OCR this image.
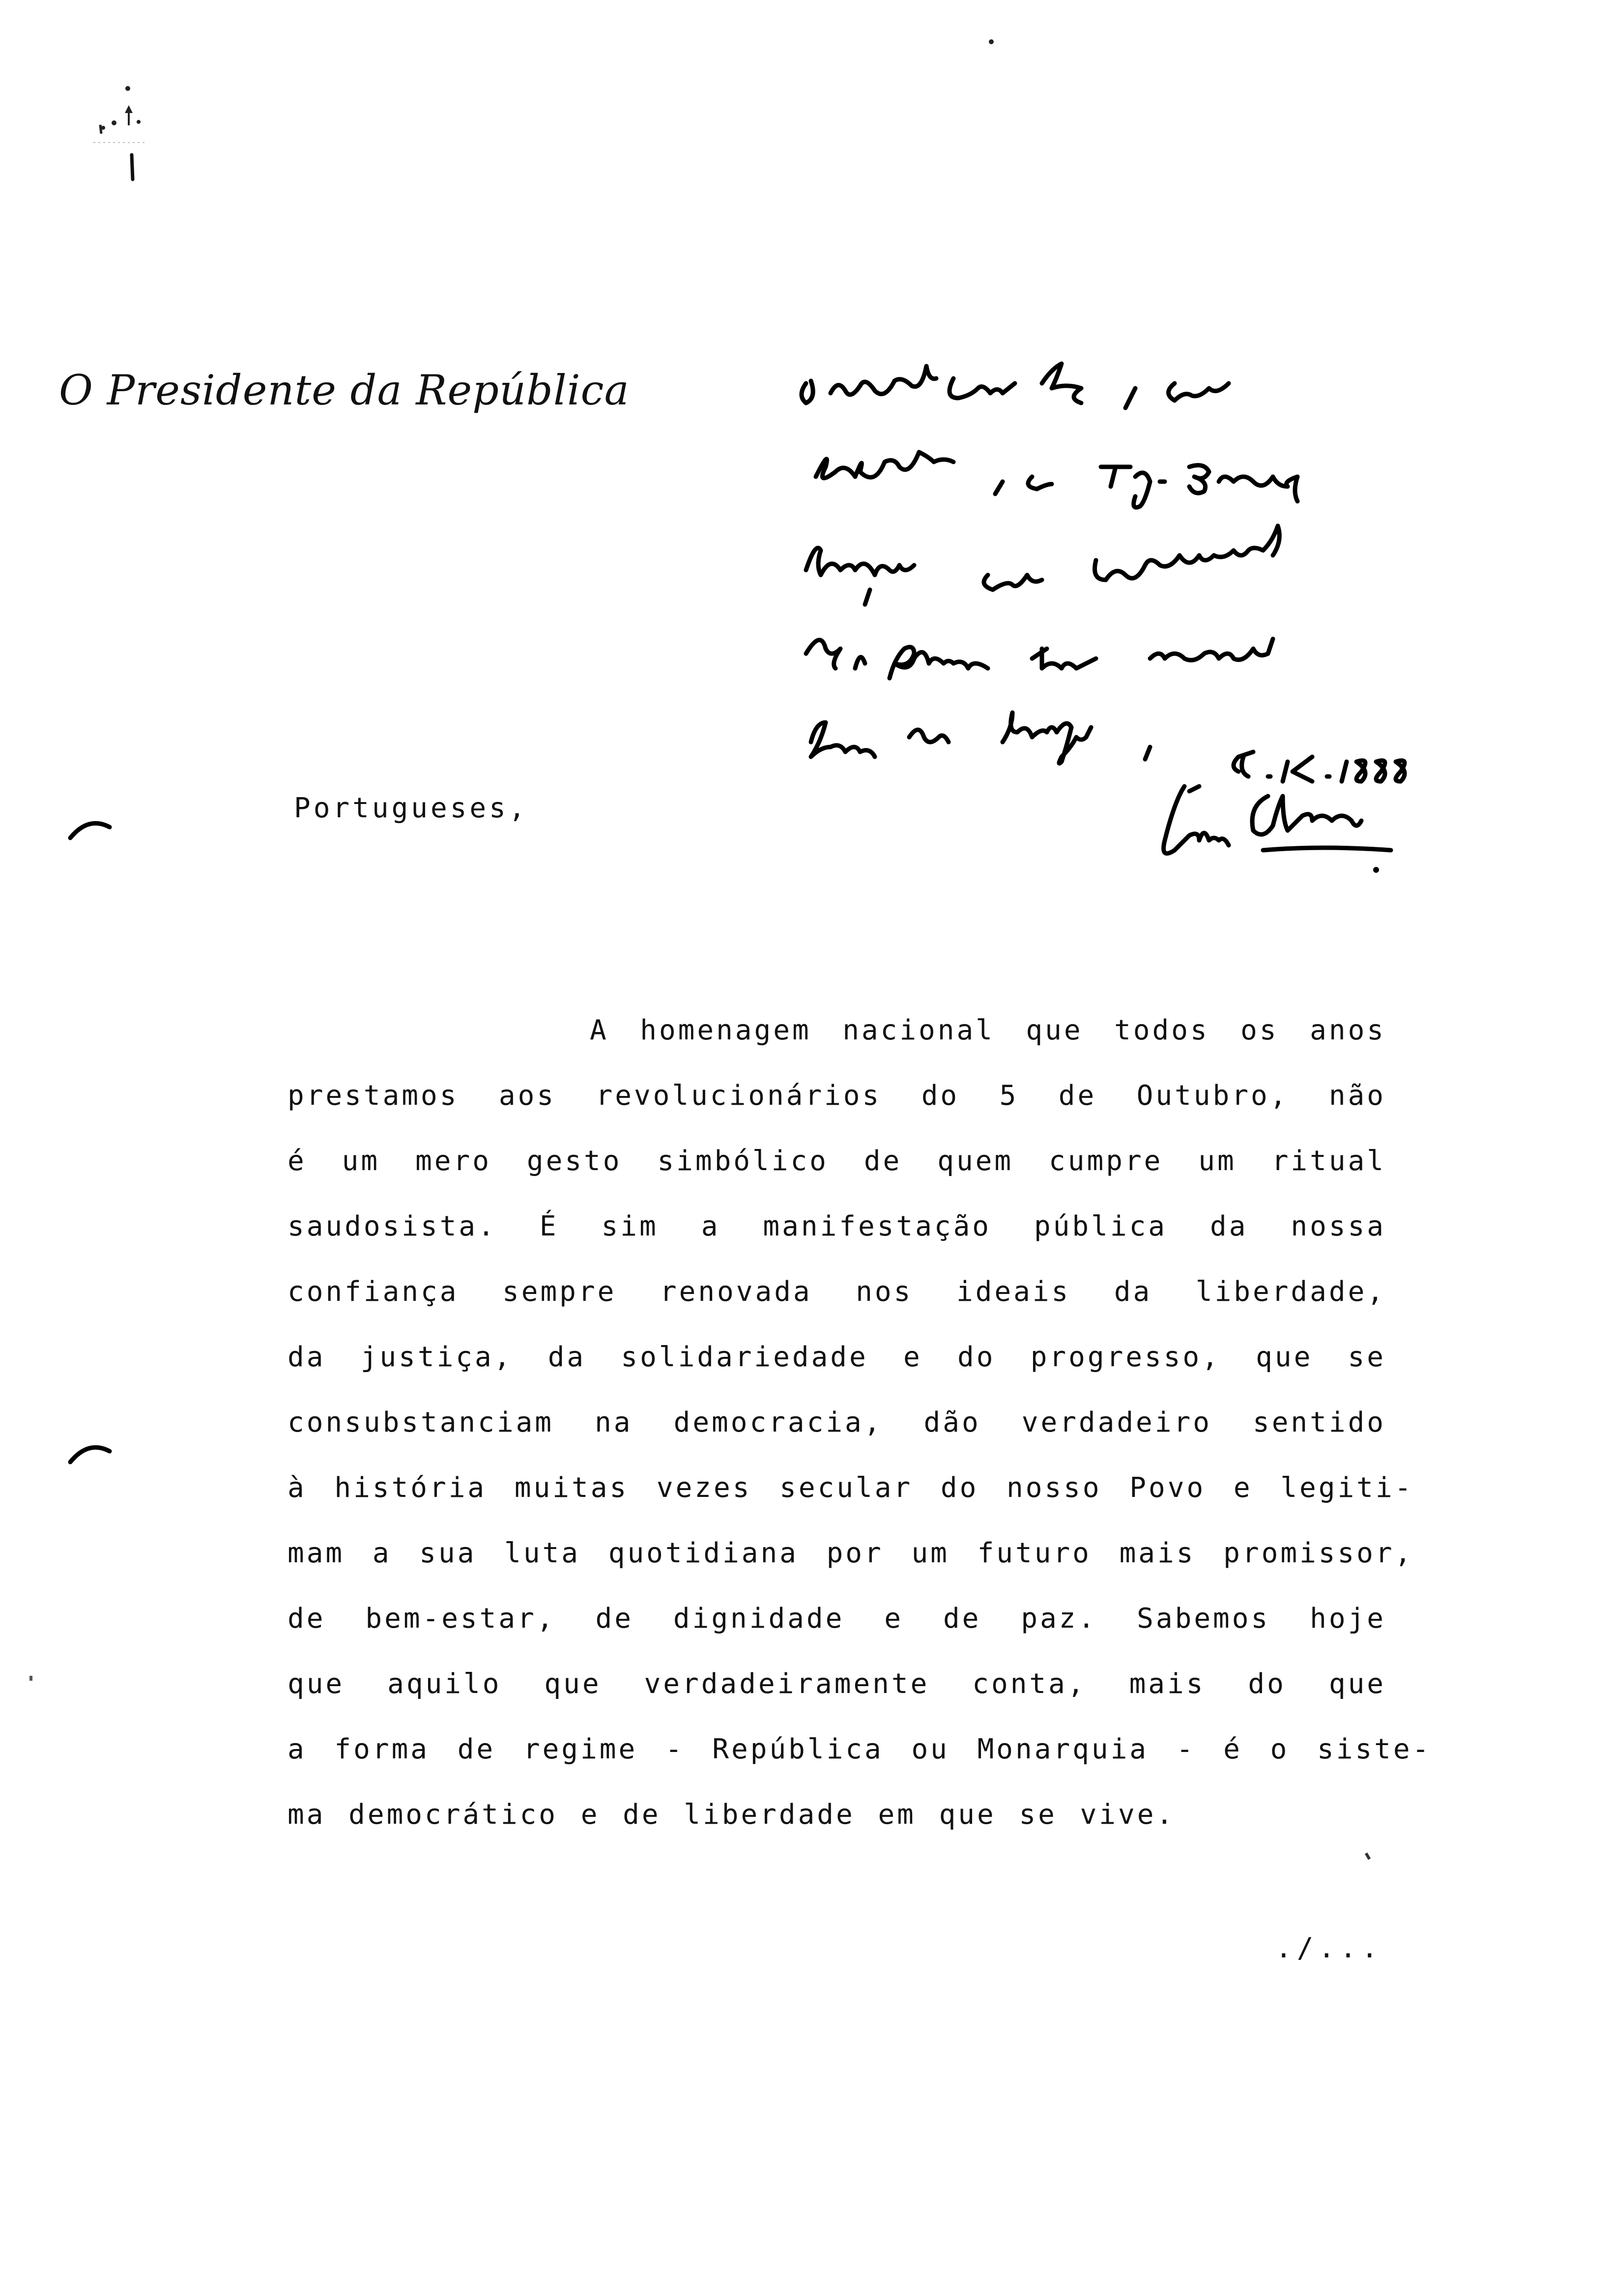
O Presidente da República
Portugueses,
A homenagem nacional que todos os anos
prestamos aos revolucionários do 5 de Outubro, não
é um mero gesto simbólico de quem cumpre um ritual
saudosista. É sim a manifestação pública da nossa
confiança sempre renovada nos ideais da liberdade,
da justiça, da solidariedade e do progresso, que se
consubstanciam na democracia, dão verdadeiro sentido
à história muitas vezes secular do nosso Povo e legiti-
mam a sua luta quotidiana por um futuro mais promissor,
de bem-estar, de dignidade e de paz. Sabemos hoje
que aquilo que verdadeiramente conta, mais do que
a forma de regime - República ou Monarquia - é o siste-
ma democrático e de liberdade em que se vive.
./...
